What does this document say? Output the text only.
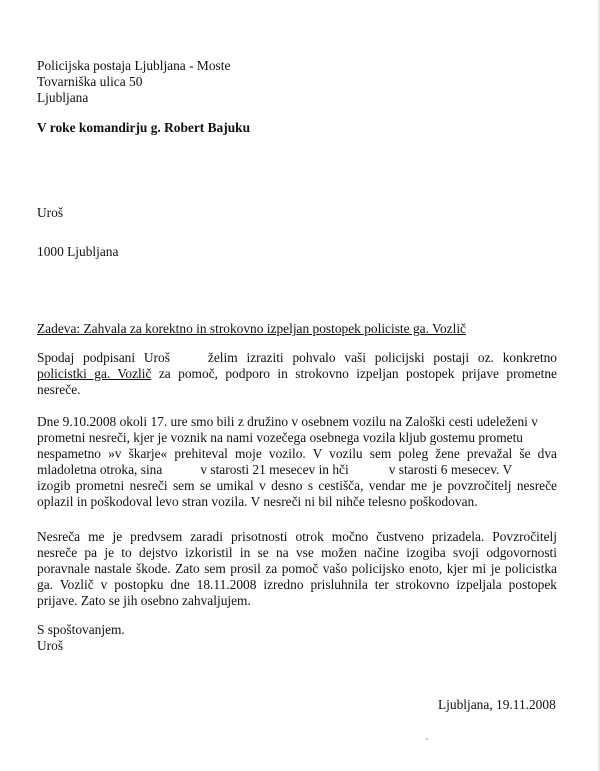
Policijska postaja Ljubljana - Moste
Tovarniška ulica 50
Ljubljana
V roke komandirju g. Robert Bajuku
Uroš
1000 Ljubljana
Zadeva: Zahvala za korektno in strokovno izpeljan postopek policiste ga. Vozlič
Spodaj podpisani Uroš	želim izraziti pohvalo vaši policijski postaji oz. konkretno
policistki ga. Vozlič za pomoč, podporo in strokovno izpeljan postopek prijave prometne
nesreče.
Dne 9.10.2008 okoli 17. ure smo bili z družino v osebnem vozilu na Zaloški cesti udeleženi v
prometni nesreči, kjer je voznik na nami vozečega osebnega vozila kljub gostemu prometu
nespametno »v škarje« prehiteval moje vozilo. V vozilu sem poleg žene prevažal še dva
mladoletna otroka, sina	v starosti 21 mesecev in hči	v starosti 6 mesecev. V
izogib prometni nesreči sem se umikal v desno s cestišča, vendar me je povzročitelj nesreče
oplazil in poškodoval levo stran vozila. V nesreči ni bil nihče telesno poškodovan.
Nesreča me je predvsem zaradi prisotnosti otrok močno čustveno prizadela. Povzročitelj
nesreče pa je to dejstvo izkoristil in se na vse možen načine izogiba svoji odgovornosti
poravnale nastale škode. Zato sem prosil za pomoč vašo policijsko enoto, kjer mi je policistka
ga. Vozlič v postopku dne 18.11.2008 izredno prisluhnila ter strokovno izpeljala postopek
prijave. Zato se jih osebno zahvaljujem.
S spoštovanjem.
Uroš
Ljubljana, 19.11.2008
